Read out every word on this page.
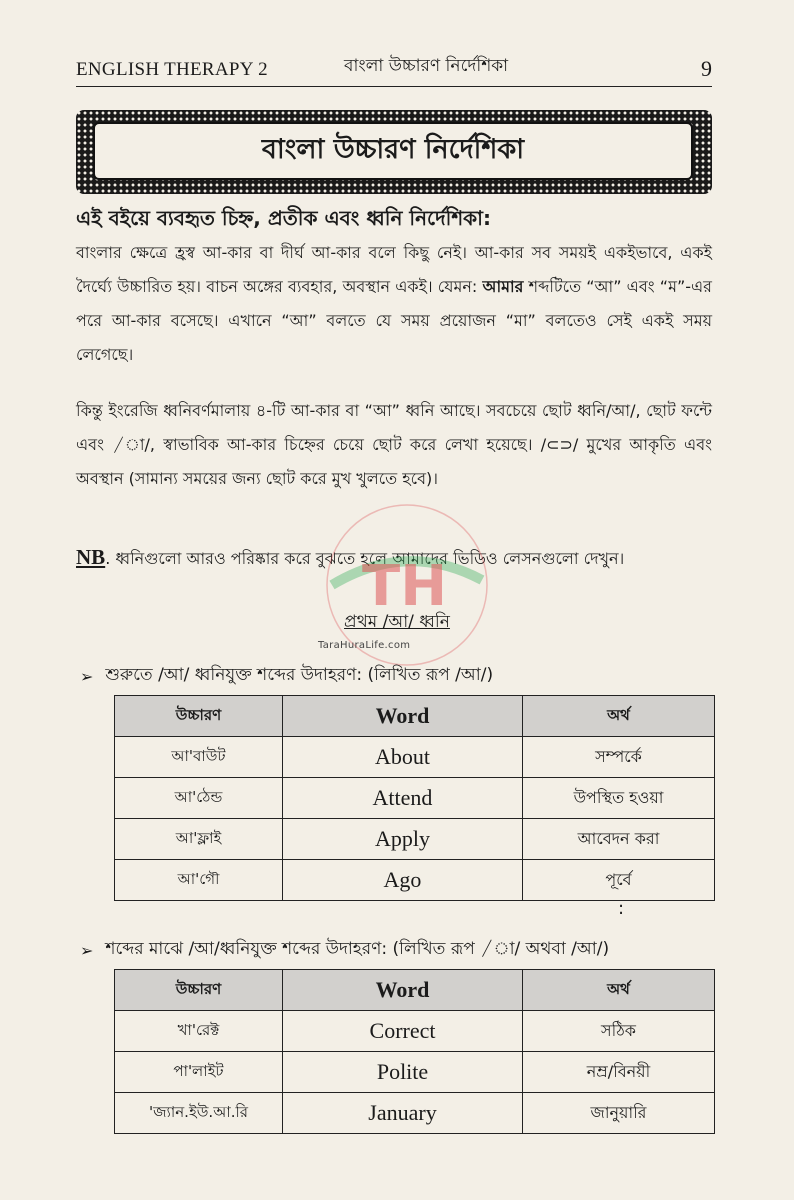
ENGLISH THERAPY 2	বাংলা উচ্চারণ নির্দেশিকা	9
বাংলা উচ্চারণ নির্দেশিকা
এই বইয়ে ব্যবহৃত চিহ্ন, প্রতীক এবং ধ্বনি নির্দেশিকা:

বাংলার ক্ষেত্রে হ্রস্ব আ-কার বা দীর্ঘ আ-কার বলে কিছু নেই। আ-কার সব সময়ই একইভাবে, একই দৈর্ঘ্যে উচ্চারিত হয়। বাচন অঙ্গের ব্যবহার, অবস্থান একই। যেমন: আমার শব্দটিতে “আ” এবং “ম”-এর পরে আ-কার বসেছে। এখানে “আ” বলতে যে সময় প্রয়োজন “মা” বলতেও সেই একই সময় লেগেছে।

কিন্তু ইংরেজি ধ্বনিবর্ণমালায় ৪-টি আ-কার বা “আ” ধ্বনি আছে। সবচেয়ে ছোট ধ্বনি/আ/, ছোট ফন্টে এবং /া/, স্বাভাবিক আ-কার চিহ্নের চেয়ে ছোট করে লেখা হয়েছে। /⊂⊃/ মুখের আকৃতি এবং অবস্থান (সামান্য সময়ের জন্য ছোট করে মুখ খুলতে হবে)।

NB. ধ্বনিগুলো আরও পরিষ্কার করে বুঝতে হলে আমাদের ভিডিও লেসনগুলো দেখুন।

TH
TaraHuraLife.com
প্রথম /আ/ ধ্বনি
➢ শুরুতে /আ/ ধ্বনিযুক্ত শব্দের উদাহরণ: (লিখিত রূপ /আ/)
উচ্চারণ	Word	অর্থ
আ'বাউট	About	সম্পর্কে
আ'ঠেন্ড	Attend	উপস্থিত হওয়া
আ'ফ্লাই	Apply	আবেদন করা
আ'গৌ	Ago	পূর্বে
:
➢ শব্দের মাঝে /আ/ধ্বনিযুক্ত শব্দের উদাহরণ: (লিখিত রূপ /া/ অথবা /আ/)
উচ্চারণ	Word	অর্থ
খা'রেক্ট	Correct	সঠিক
পা'লাইট	Polite	নম্র/বিনয়ী
'জ্যান.ইউ.আ.রি	January	জানুয়ারি
